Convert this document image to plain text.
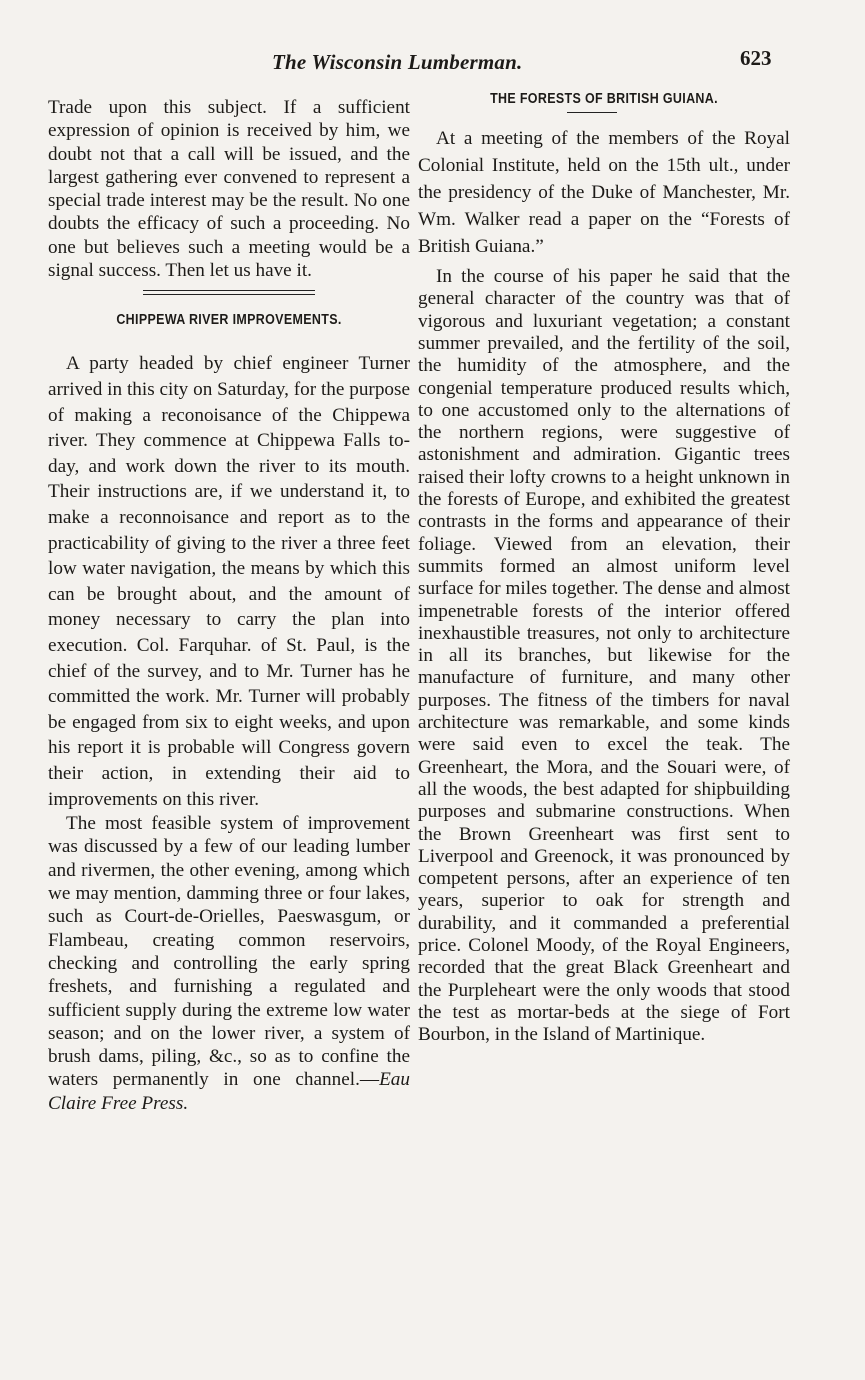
The Wisconsin Lumberman.	623

Trade upon this subject. If a sufficient expression of opinion is received by him, we doubt not that a call will be issued, and the largest gathering ever convened to represent a special trade interest may be the result. No one doubts the efficacy of such a proceeding. No one but believes such a meeting would be a signal success. Then let us have it.

CHIPPEWA RIVER IMPROVEMENTS.

A party headed by chief engineer Turner arrived in this city on Saturday, for the purpose of making a reconoisance of the Chippewa river. They commence at Chippewa Falls to-day, and work down the river to its mouth. Their instructions are, if we understand it, to make a reconnoisance and report as to the practicability of giving to the river a three feet low water navigation, the means by which this can be brought about, and the amount of money necessary to carry the plan into execution. Col. Farquhar. of St. Paul, is the chief of the survey, and to Mr. Turner has he committed the work. Mr. Turner will probably be engaged from six to eight weeks, and upon his report it is probable will Congress govern their action, in extending their aid to improvements on this river.

The most feasible system of improvement was discussed by a few of our leading lumber and rivermen, the other evening, among which we may mention, damming three or four lakes, such as Court-de-Orielles, Paeswasgum, or Flambeau, creating common reservoirs, checking and controlling the early spring freshets, and furnishing a regulated and sufficient supply during the extreme low water season; and on the lower river, a system of brush dams, piling, &c., so as to confine the waters permanently in one channel.—Eau Claire Free Press.

THE FORESTS OF BRITISH GUIANA.

At a meeting of the members of the Royal Colonial Institute, held on the 15th ult., under the presidency of the Duke of Manchester, Mr. Wm. Walker read a paper on the “Forests of British Guiana.”

In the course of his paper he said that the general character of the country was that of vigorous and luxuriant vegetation; a constant summer prevailed, and the fertility of the soil, the humidity of the atmosphere, and the congenial temperature produced results which, to one accustomed only to the alternations of the northern regions, were suggestive of astonishment and admiration. Gigantic trees raised their lofty crowns to a height unknown in the forests of Europe, and exhibited the greatest contrasts in the forms and appearance of their foliage. Viewed from an elevation, their summits formed an almost uniform level surface for miles together. The dense and almost impenetrable forests of the interior offered inexhaustible treasures, not only to architecture in all its branches, but likewise for the manufacture of furniture, and many other purposes. The fitness of the timbers for naval architecture was remarkable, and some kinds were said even to excel the teak. The Greenheart, the Mora, and the Souari were, of all the woods, the best adapted for shipbuilding purposes and submarine constructions. When the Brown Greenheart was first sent to Liverpool and Greenock, it was pronounced by competent persons, after an experience of ten years, superior to oak for strength and durability, and it commanded a preferential price. Colonel Moody, of the Royal Engineers, recorded that the great Black Greenheart and the Purpleheart were the only woods that stood the test as mortar-beds at the siege of Fort Bourbon, in the Island of Martinique.
